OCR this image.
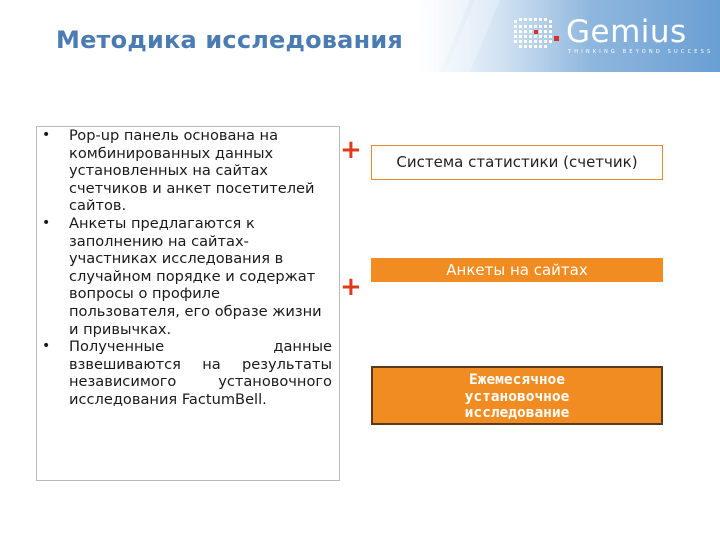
Методика исследования	Gemius
THINKING BEYOND SUCCESS
• Pop-up панель основана на комбинированных данных установленных на сайтах счетчиков и анкет посетителей сайтов.
• Анкеты предлагаются к заполнению на сайтах-участниках исследования в случайном порядке и содержат вопросы о профиле пользователя, его образе жизни и привычках.
• Полученные данные взвешиваются на результаты независимого установочного исследования FactumBell.
+
+
Система статистики (счетчик)
Анкеты на сайтах
Ежемесячное
установочное
исследование
